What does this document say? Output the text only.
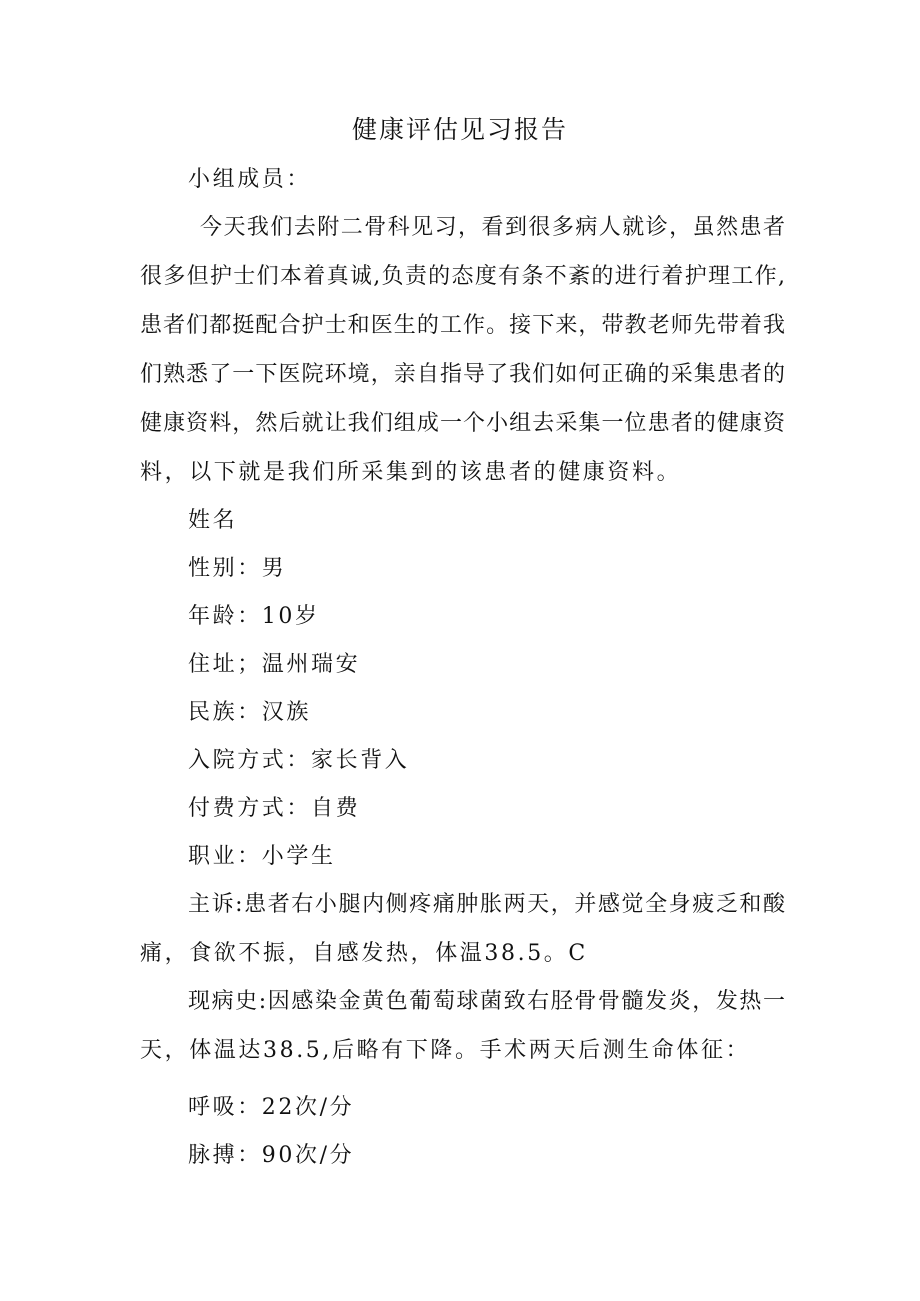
健康评估见习报告
小组成员：
今天我们去附二骨科见习，看到很多病人就诊，虽然患者
很多但护士们本着真诚,负责的态度有条不紊的进行着护理工作,
患者们都挺配合护士和医生的工作。接下来，带教老师先带着我
们熟悉了一下医院环境，亲自指导了我们如何正确的采集患者的
健康资料，然后就让我们组成一个小组去采集一位患者的健康资
料，以下就是我们所采集到的该患者的健康资料。
姓名
性别：男
年龄：10岁
住址；温州瑞安
民族：汉族
入院方式：家长背入
付费方式：自费
职业：小学生
主诉:患者右小腿内侧疼痛肿胀两天，并感觉全身疲乏和酸
痛，食欲不振，自感发热，体温38.5。C
现病史:因感染金黄色葡萄球菌致右胫骨骨髓发炎，发热一
天，体温达38.5,后略有下降。手术两天后测生命体征：
呼吸：22次/分
脉搏：90次/分
